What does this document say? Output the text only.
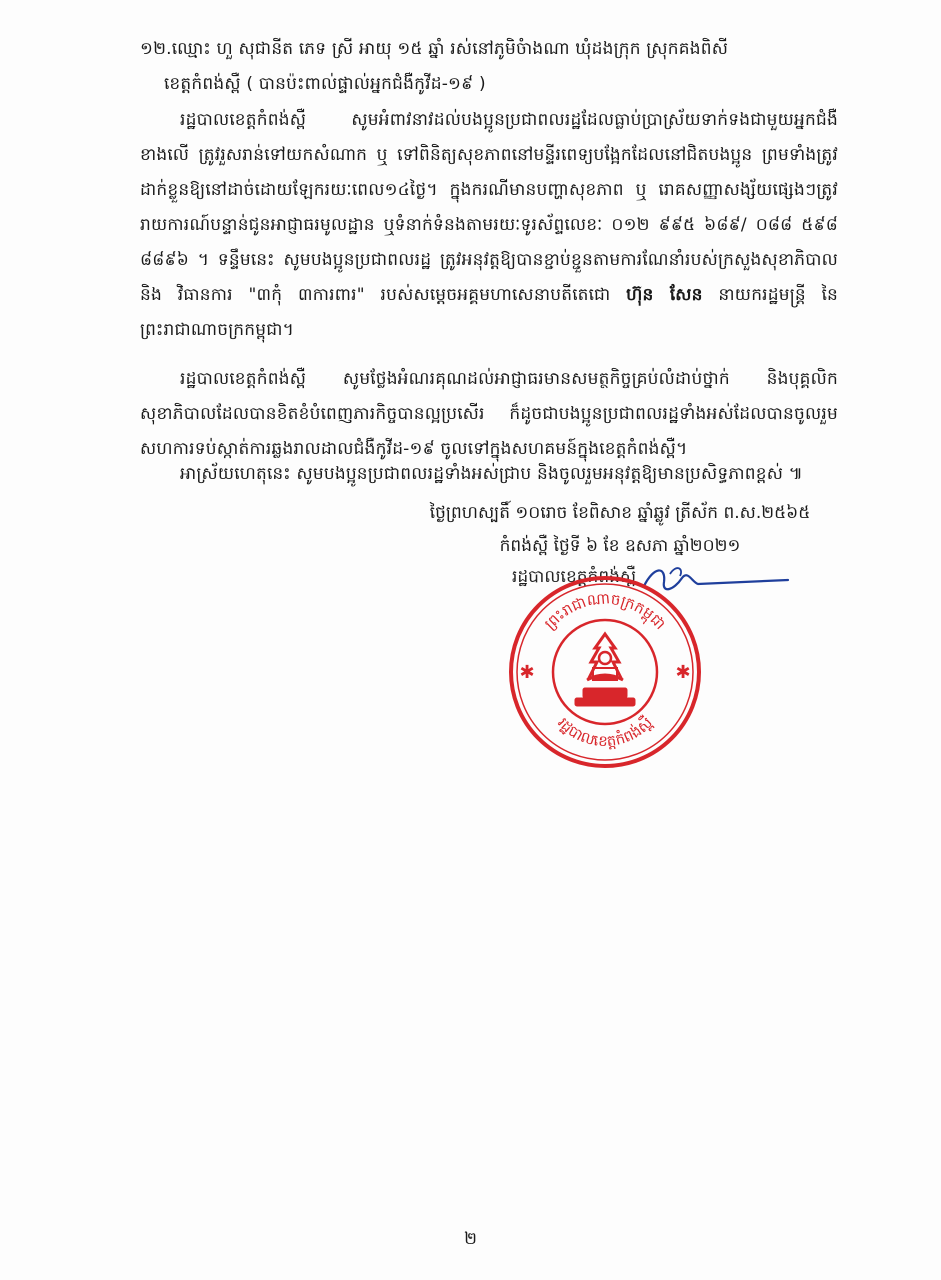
១២.ឈ្មោះ ហួ សុជានីត ភេទ ស្រី អាយុ ១៥ ឆ្នាំ រស់នៅភូមិចំាងណា ឃុំដងក្រុក ស្រុកគងពិសី
ខេត្តកំពង់ស្ពឺ ( បានប៉ះពាល់ផ្ទាល់អ្នកជំងឺកូវីដ-១៩ )

រដ្ឋបាលខេត្តកំពង់ស្ពឺ សូមអំពាវនាវដល់បងប្អូនប្រជាពលរដ្ឋដែលធ្លាប់ប្រាស្រ័យទាក់ទងជាមួយអ្នកជំងឺខាងលើ ត្រូវរួសរាន់ទៅយកសំណាក ឬ ទៅពិនិត្យសុខភាពនៅមន្ទីរពេទ្យបង្អែកដែលនៅជិតបងប្អូន ព្រមទាំងត្រូវដាក់ខ្លួនឱ្យនៅដាច់ដោយឡែករយៈពេល១៤ថ្ងៃ។ ក្នុងករណីមានបញ្ហាសុខភាព ឬ រោគសញ្ញាសង្ស័យផ្សេងៗត្រូវរាយការណ៍បន្ទាន់ជូនអាជ្ញាធរមូលដ្ឋាន ឬទំនាក់ទំនងតាមរយៈទូរស័ព្ទលេខៈ ០១២ ៩៩៥ ៦៨៩/ ០៨៨ ៥៩៨ ៨៨៩៦ ។ ទន្ទឹមនេះ សូមបងប្អូនប្រជាពលរដ្ឋ ត្រូវអនុវត្តឱ្យបានខ្ជាប់ខ្ជួនតាមការណែនាំរបស់ក្រសួងសុខាភិបាល និង វិធានការ "៣កុំ ៣ការពារ" របស់សម្តេចអគ្គមហាសេនាបតីតេជោ ហ៊ុន សែន នាយករដ្ឋមន្ត្រី នៃព្រះរាជាណាចក្រកម្ពុជា។

រដ្ឋបាលខេត្តកំពង់ស្ពឺ សូមថ្លែងអំណរគុណដល់អាជ្ញាធរមានសមត្ថកិច្ចគ្រប់លំដាប់ថ្នាក់ និងបុគ្គលិកសុខាភិបាលដែលបានខិតខំបំពេញភារកិច្ចបានល្អប្រសើរ ក៏ដូចជាបងប្អូនប្រជាពលរដ្ឋទាំងអស់ដែលបានចូលរួមសហការទប់ស្កាត់ការឆ្លងរាលដាលជំងឺកូវីដ-១៩ ចូលទៅក្នុងសហគមន៍ក្នុងខេត្តកំពង់ស្ពឺ។

អាស្រ័យហេតុនេះ សូមបងប្អូនប្រជាពលរដ្ឋទាំងអស់ជ្រាប និងចូលរួមអនុវត្តឱ្យមានប្រសិទ្ធភាពខ្ពស់ ៕

ថ្ងៃព្រហស្បតិ៍ ១០រោច ខែពិសាខ ឆ្នាំឆ្លូវ ត្រីស័ក ព.ស.២៥៦៥
កំពង់ស្ពឺ ថ្ងៃទី ៦ ខែ ឧសភា ឆ្នាំ២០២១
រដ្ឋបាលខេត្តកំពង់ស្ពឺ
ព្រះរាជាណាចក្រកម្ពុជា
រដ្ឋបាលខេត្តកំពង់ស្ពឺ
✱	✱
២
